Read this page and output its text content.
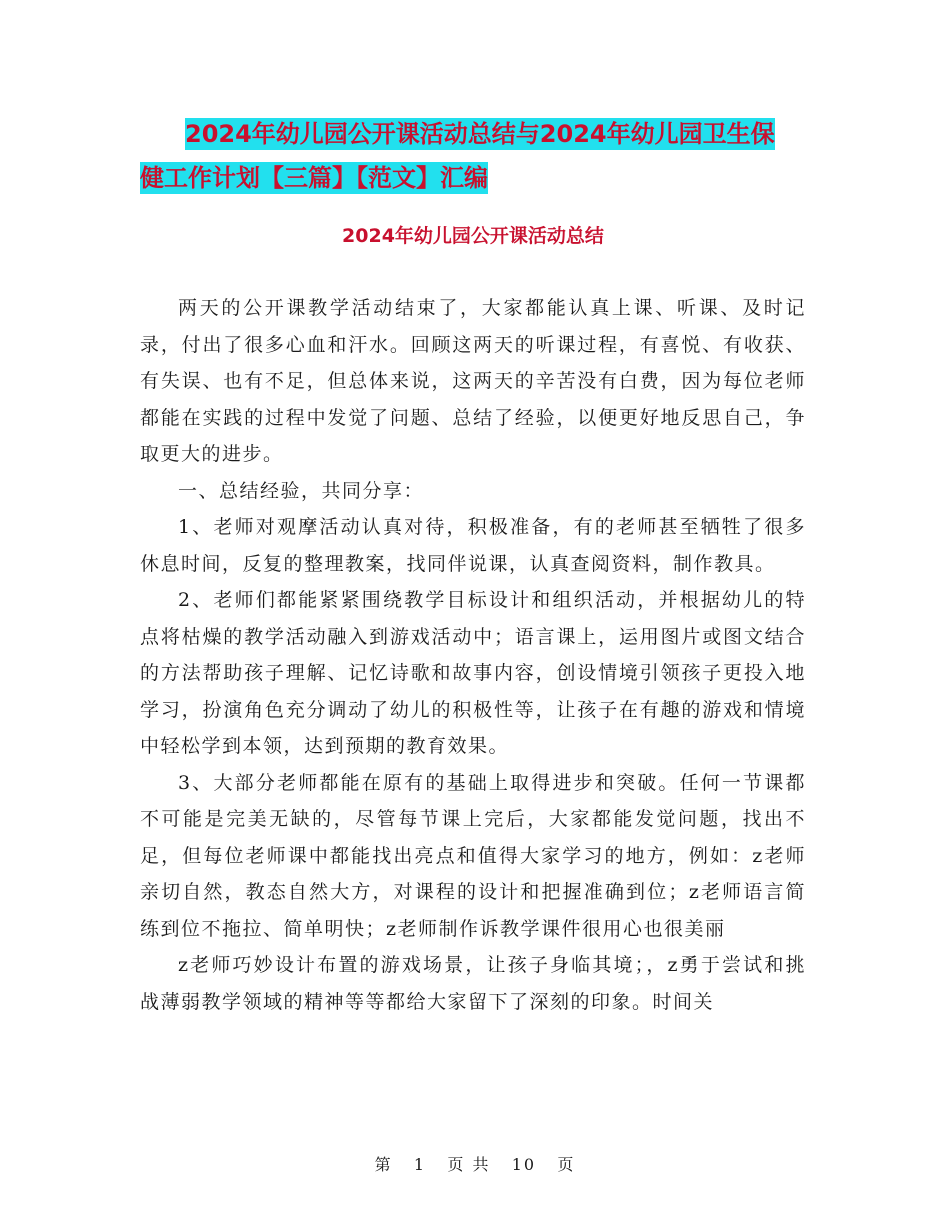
2024年幼儿园公开课活动总结与2024年幼儿园卫生保
健工作计划【三篇】【范文】汇编
2024年幼儿园公开课活动总结

两天的公开课教学活动结束了，大家都能认真上课、听课、及时记录，付出了很多心血和汗水。回顾这两天的听课过程，有喜悦、有收获、有失误、也有不足，但总体来说，这两天的辛苦没有白费，因为每位老师都能在实践的过程中发觉了问题、总结了经验，以便更好地反思自己，争取更大的进步。

一、总结经验，共同分享：

1、老师对观摩活动认真对待，积极准备，有的老师甚至牺牲了很多休息时间，反复的整理教案，找同伴说课，认真查阅资料，制作教具。

2、老师们都能紧紧围绕教学目标设计和组织活动，并根据幼儿的特点将枯燥的教学活动融入到游戏活动中；语言课上，运用图片或图文结合的方法帮助孩子理解、记忆诗歌和故事内容，创设情境引领孩子更投入地学习，扮演角色充分调动了幼儿的积极性等，让孩子在有趣的游戏和情境中轻松学到本领，达到预期的教育效果。

3、大部分老师都能在原有的基础上取得进步和突破。任何一节课都不可能是完美无缺的，尽管每节课上完后，大家都能发觉问题，找出不足，但每位老师课中都能找出亮点和值得大家学习的地方，例如：z老师亲切自然，教态自然大方，对课程的设计和把握准确到位；z老师语言简练到位不拖拉、简单明快；z老师制作诉教学课件很用心也很美丽

z老师巧妙设计布置的游戏场景，让孩子身临其境；，z勇于尝试和挑战薄弱教学领域的精神等等都给大家留下了深刻的印象。时间关

第 1 页 共 10 页
